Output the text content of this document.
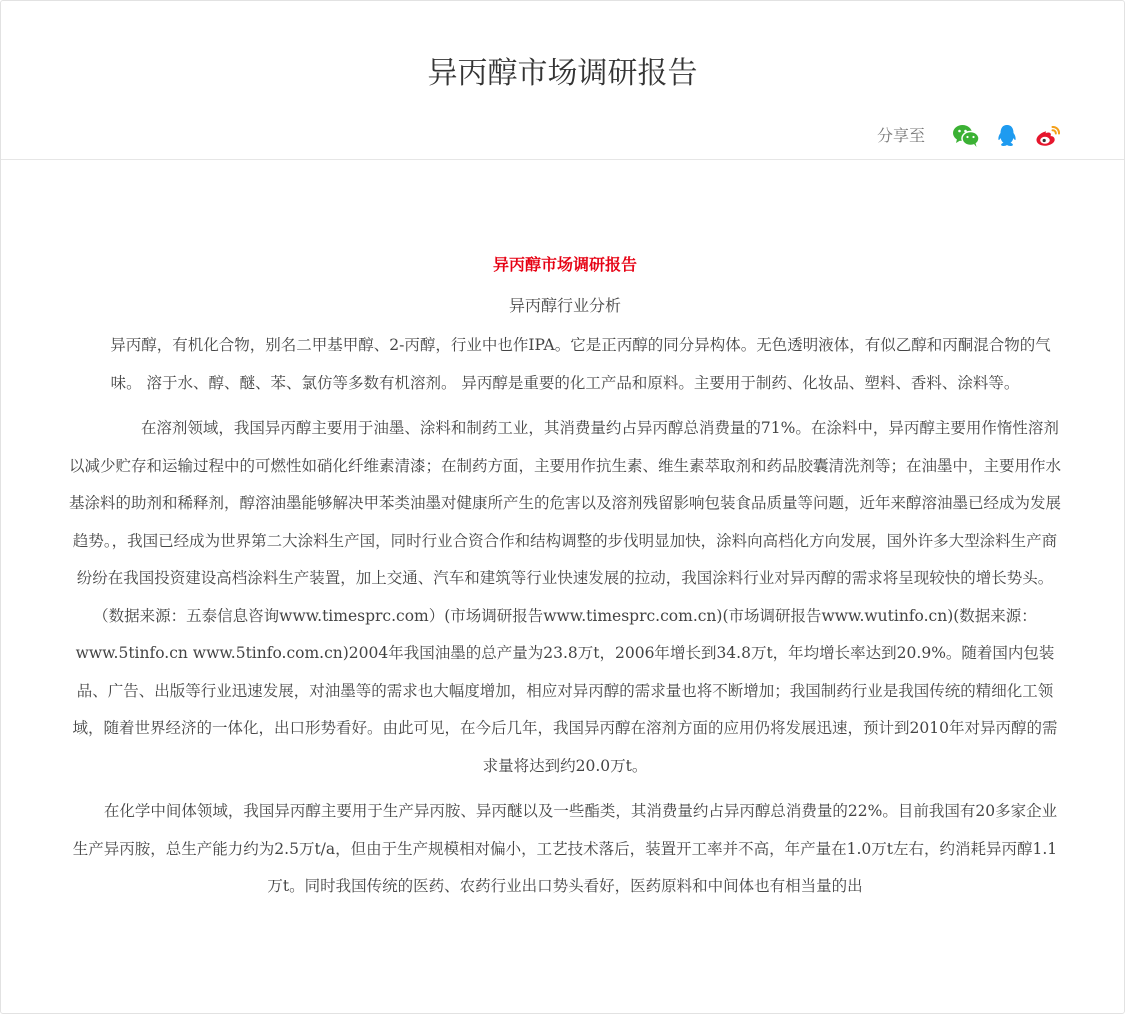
异丙醇市场调研报告
分享至

异丙醇市场调研报告

异丙醇行业分析

异丙醇，有机化合物，别名二甲基甲醇、2-丙醇，行业中也作IPA。它是正丙醇的同分异构体。无色透明液体，有似乙醇和丙酮混合物的气味。 溶于水、醇、醚、苯、氯仿等多数有机溶剂。 异丙醇是重要的化工产品和原料。主要用于制药、化妆品、塑料、香料、涂料等。

在溶剂领域，我国异丙醇主要用于油墨、涂料和制药工业，其消费量约占异丙醇总消费量的71%。在涂料中，异丙醇主要用作惰性溶剂以减少贮存和运输过程中的可燃性如硝化纤维素清漆；在制药方面，主要用作抗生素、维生素萃取剂和药品胶囊清洗剂等；在油墨中，主要用作水基涂料的助剂和稀释剂，醇溶油墨能够解决甲苯类油墨对健康所产生的危害以及溶剂残留影响包装食品质量等问题，近年来醇溶油墨已经成为发展趋势。，我国已经成为世界第二大涂料生产国，同时行业合资合作和结构调整的步伐明显加快，涂料向高档化方向发展，国外许多大型涂料生产商纷纷在我国投资建设高档涂料生产装置，加上交通、汽车和建筑等行业快速发展的拉动，我国涂料行业对异丙醇的需求将呈现较快的增长势头。（数据来源：五泰信息咨询www.timesprc.com）(市场调研报告www.timesprc.com.cn)(市场调研报告www.wutinfo.cn)(数据来源：www.5tinfo.cn www.5tinfo.com.cn)2004年我国油墨的总产量为23.8万t，2006年增长到34.8万t，年均增长率达到20.9%。随着国内包装品、广告、出版等行业迅速发展，对油墨等的需求也大幅度增加，相应对异丙醇的需求量也将不断增加；我国制药行业是我国传统的精细化工领域，随着世界经济的一体化，出口形势看好。由此可见，在今后几年，我国异丙醇在溶剂方面的应用仍将发展迅速，预计到2010年对异丙醇的需求量将达到约20.0万t。

在化学中间体领域，我国异丙醇主要用于生产异丙胺、异丙醚以及一些酯类，其消费量约占异丙醇总消费量的22%。目前我国有20多家企业生产异丙胺，总生产能力约为2.5万t/a，但由于生产规模相对偏小，工艺技术落后，装置开工率并不高，年产量在1.0万t左右，约消耗异丙醇1.1万t。同时我国传统的医药、农药行业出口势头看好，医药原料和中间体也有相当量的出
